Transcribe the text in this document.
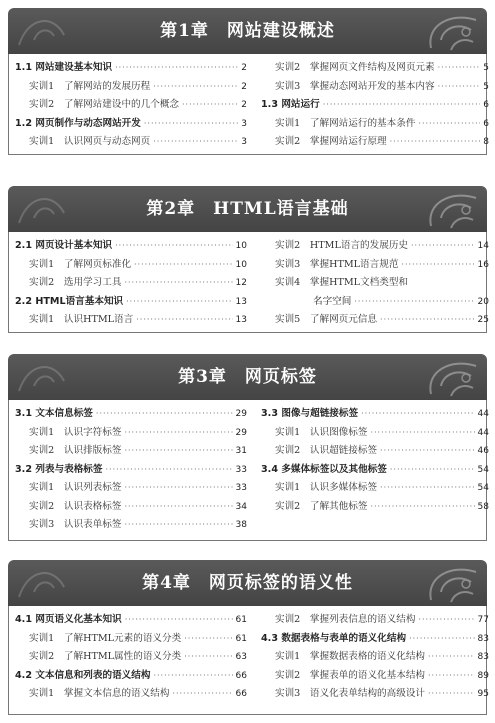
第1章　网站建设概述
1.1 网站建设基本知识 ·····	2
实训1　了解网站的发展历程 ·····	2
实训2　了解网站建设中的几个概念 ·····	2
1.2 网页制作与动态网站开发 ·····	3
实训1　认识网页与动态网页 ·····	3
实训2　掌握网页文件结构及网页元素 ·····	5
实训3　掌握动态网站开发的基本内容 ·····	5
1.3 网站运行 ·····	6
实训1　了解网站运行的基本条件 ·····	6
实训2　掌握网站运行原理 ·····	8
第2章　HTML语言基础
2.1 网页设计基本知识 ·····	10
实训1　了解网页标准化 ·····	10
实训2　选用学习工具 ·····	12
2.2 HTML语言基本知识 ·····	13
实训1　认识HTML语言 ·····	13
实训2　HTML语言的发展历史 ·····	14
实训3　掌握HTML语言规范 ·····	16
实训4　掌握HTML文档类型和
名字空间 ·····	20
实训5　了解网页元信息 ·····	25
第3章　网页标签
3.1 文本信息标签 ·····	29
实训1　认识字符标签 ·····	29
实训2　认识排版标签 ·····	31
3.2 列表与表格标签 ·····	33
实训1　认识列表标签 ·····	33
实训2　认识表格标签 ·····	34
实训3　认识表单标签 ·····	38
3.3 图像与超链接标签 ·····	44
实训1　认识图像标签 ·····	44
实训2　认识超链接标签 ·····	46
3.4 多媒体标签以及其他标签 ·····	54
实训1　认识多媒体标签 ·····	54
实训2　了解其他标签 ·····	58
第4章　网页标签的语义性
4.1 网页语义化基本知识 ·····	61
实训1　了解HTML元素的语义分类 ·····	61
实训2　了解HTML属性的语义分类 ·····	63
4.2 文本信息和列表的语义结构 ·····	66
实训1　掌握文本信息的语义结构 ·····	66
实训2　掌握列表信息的语义结构 ·····	77
4.3 数据表格与表单的语义化结构 ·····	83
实训1　掌握数据表格的语义化结构 ·····	83
实训2　掌握表单的语义化基本结构 ·····	89
实训3　语义化表单结构的高级设计 ·····	95
